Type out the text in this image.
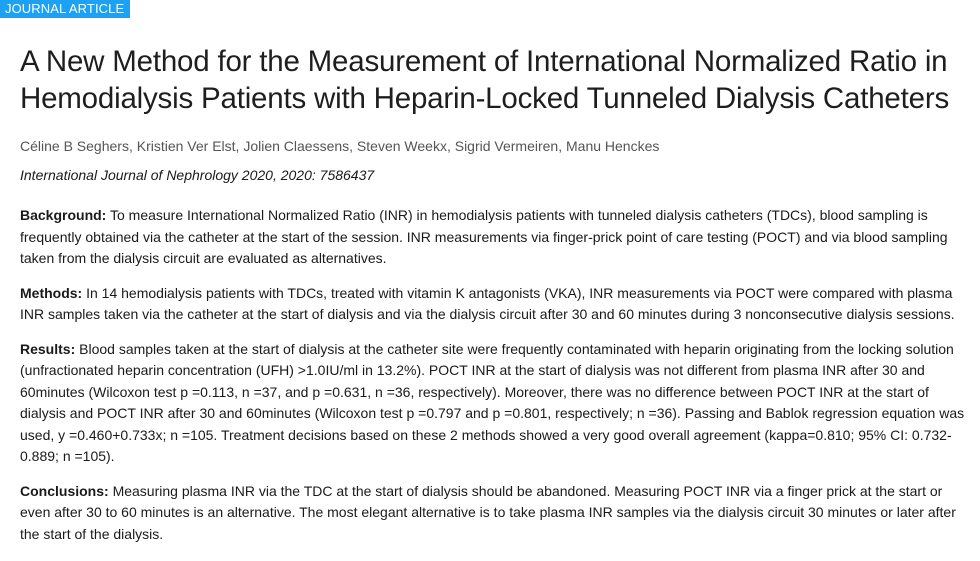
JOURNAL ARTICLE
A New Method for the Measurement of International Normalized Ratio in Hemodialysis Patients with Heparin-Locked Tunneled Dialysis Catheters
Céline B Seghers, Kristien Ver Elst, Jolien Claessens, Steven Weekx, Sigrid Vermeiren, Manu Henckes
International Journal of Nephrology 2020, 2020: 7586437

Background: To measure International Normalized Ratio (INR) in hemodialysis patients with tunneled dialysis catheters (TDCs), blood sampling is frequently obtained via the catheter at the start of the session. INR measurements via finger-prick point of care testing (POCT) and via blood sampling taken from the dialysis circuit are evaluated as alternatives.

Methods: In 14 hemodialysis patients with TDCs, treated with vitamin K antagonists (VKA), INR measurements via POCT were compared with plasma INR samples taken via the catheter at the start of dialysis and via the dialysis circuit after 30 and 60 minutes during 3 nonconsecutive dialysis sessions.

Results: Blood samples taken at the start of dialysis at the catheter site were frequently contaminated with heparin originating from the locking solution (unfractionated heparin concentration (UFH) >1.0IU/ml in 13.2%). POCT INR at the start of dialysis was not different from plasma INR after 30 and 60minutes (Wilcoxon test p =0.113, n =37, and p =0.631, n =36, respectively). Moreover, there was no difference between POCT INR at the start of dialysis and POCT INR after 30 and 60minutes (Wilcoxon test p =0.797 and p =0.801, respectively; n =36). Passing and Bablok regression equation was used, y =0.460+0.733x; n =105. Treatment decisions based on these 2 methods showed a very good overall agreement (kappa=0.810; 95% CI: 0.732-0.889; n =105).

Conclusions: Measuring plasma INR via the TDC at the start of dialysis should be abandoned. Measuring POCT INR via a finger prick at the start or even after 30 to 60 minutes is an alternative. The most elegant alternative is to take plasma INR samples via the dialysis circuit 30 minutes or later after the start of the dialysis.
